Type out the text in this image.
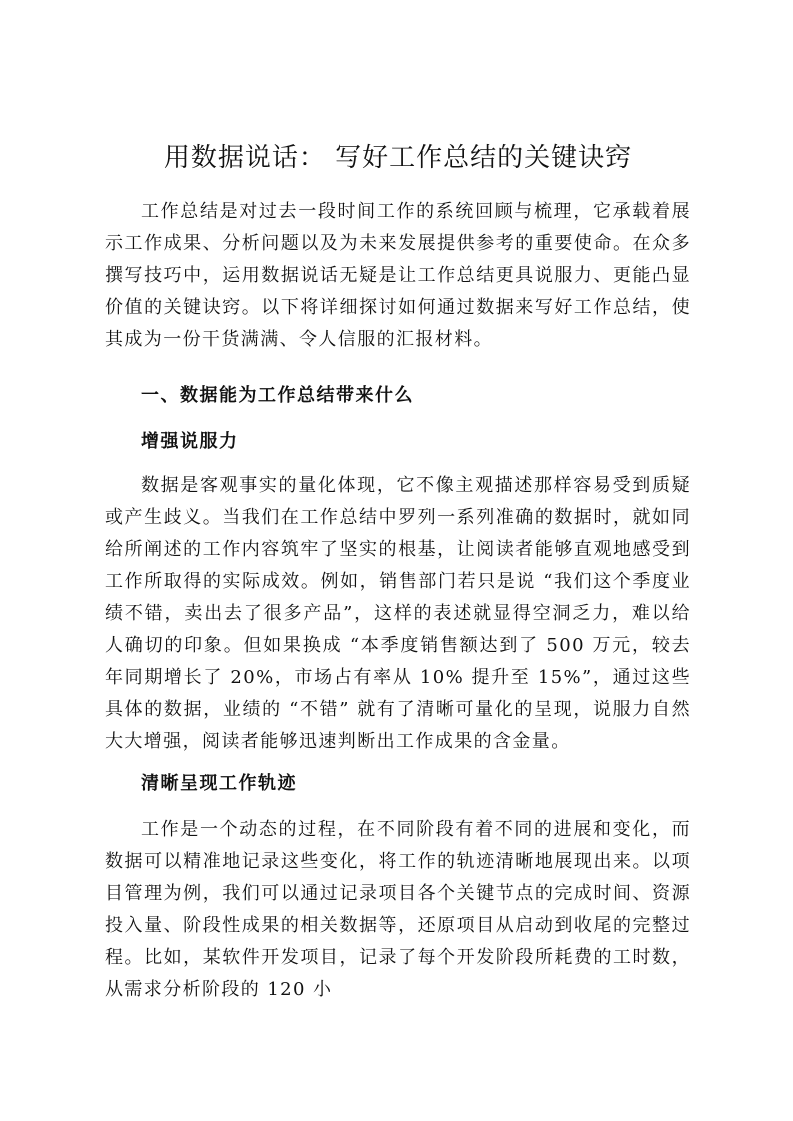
用数据说话： 写好工作总结的关键诀窍

工作总结是对过去一段时间工作的系统回顾与梳理，它承载着展示工作成果、分析问题以及为未来发展提供参考的重要使命。在众多撰写技巧中，运用数据说话无疑是让工作总结更具说服力、更能凸显价值的关键诀窍。以下将详细探讨如何通过数据来写好工作总结，使其成为一份干货满满、令人信服的汇报材料。

一、数据能为工作总结带来什么
增强说服力

数据是客观事实的量化体现，它不像主观描述那样容易受到质疑或产生歧义。当我们在工作总结中罗列一系列准确的数据时，就如同给所阐述的工作内容筑牢了坚实的根基，让阅读者能够直观地感受到工作所取得的实际成效。例如，销售部门若只是说 “我们这个季度业绩不错，卖出去了很多产品”，这样的表述就显得空洞乏力，难以给人确切的印象。但如果换成 “本季度销售额达到了 500 万元，较去年同期增长了 20%，市场占有率从 10% 提升至 15%”，通过这些具体的数据，业绩的 “不错” 就有了清晰可量化的呈现，说服力自然大大增强，阅读者能够迅速判断出工作成果的含金量。

清晰呈现工作轨迹

工作是一个动态的过程，在不同阶段有着不同的进展和变化，而数据可以精准地记录这些变化，将工作的轨迹清晰地展现出来。以项目管理为例，我们可以通过记录项目各个关键节点的完成时间、资源投入量、阶段性成果的相关数据等，还原项目从启动到收尾的完整过程。比如，某软件开发项目，记录了每个开发阶段所耗费的工时数，从需求分析阶段的 120 小
